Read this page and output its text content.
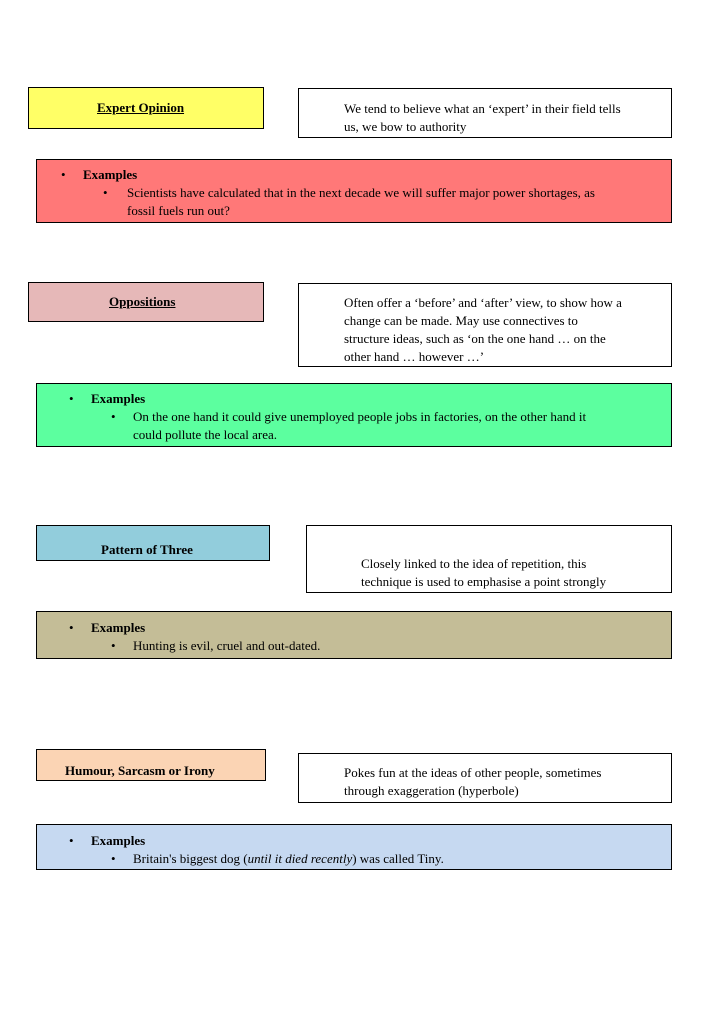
Expert Opinion	We tend to believe what an ‘expert’ in their field tells
us, we bow to authority
• Examples
• Scientists have calculated that in the next decade we will suffer major power shortages, as
fossil fuels run out?
Oppositions	Often offer a ‘before’ and ‘after’ view, to show how a
change can be made. May use connectives to
structure ideas, such as ‘on the one hand … on the
other hand … however …’
• Examples
• On the one hand it could give unemployed people jobs in factories, on the other hand it
could pollute the local area.
Pattern of Three
Closely linked to the idea of repetition, this
technique is used to emphasise a point strongly
• Examples
• Hunting is evil, cruel and out-dated.
Humour, Sarcasm or Irony	Pokes fun at the ideas of other people, sometimes
through exaggeration (hyperbole)
• Examples
• Britain's biggest dog (until it died recently) was called Tiny.
